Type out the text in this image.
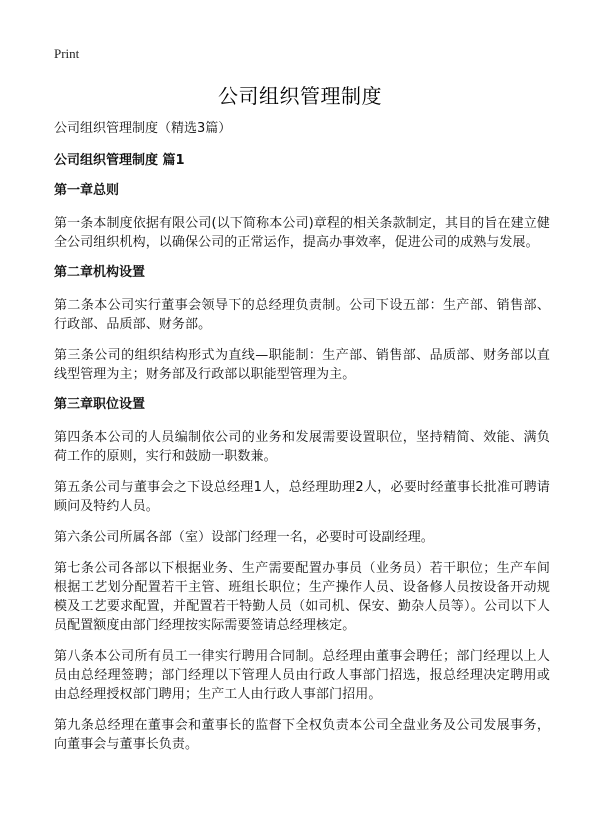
Print
公司组织管理制度

公司组织管理制度（精选3篇）

公司组织管理制度 篇1

第一章总则

第一条本制度依据有限公司(以下简称本公司)章程的相关条款制定，其目的旨在建立健全公司组织机构，以确保公司的正常运作，提高办事效率，促进公司的成熟与发展。

第二章机构设置

第二条本公司实行董事会领导下的总经理负责制。公司下设五部：生产部、销售部、行政部、品质部、财务部。

第三条公司的组织结构形式为直线—职能制：生产部、销售部、品质部、财务部以直线型管理为主；财务部及行政部以职能型管理为主。

第三章职位设置

第四条本公司的人员编制依公司的业务和发展需要设置职位，坚持精简、效能、满负荷工作的原则，实行和鼓励一职数兼。

第五条公司与董事会之下设总经理1人，总经理助理2人，必要时经董事长批准可聘请顾问及特约人员。

第六条公司所属各部（室）设部门经理一名，必要时可设副经理。

第七条公司各部以下根据业务、生产需要配置办事员（业务员）若干职位；生产车间根据工艺划分配置若干主管、班组长职位；生产操作人员、设备修人员按设备开动规模及工艺要求配置，并配置若干特勤人员（如司机、保安、勤杂人员等）。公司以下人员配置额度由部门经理按实际需要签请总经理核定。

第八条本公司所有员工一律实行聘用合同制。总经理由董事会聘任；部门经理以上人员由总经理签聘；部门经理以下管理人员由行政人事部门招选，报总经理决定聘用或由总经理授权部门聘用；生产工人由行政人事部门招用。

第九条总经理在董事会和董事长的监督下全权负责本公司全盘业务及公司发展事务，向董事会与董事长负责。
